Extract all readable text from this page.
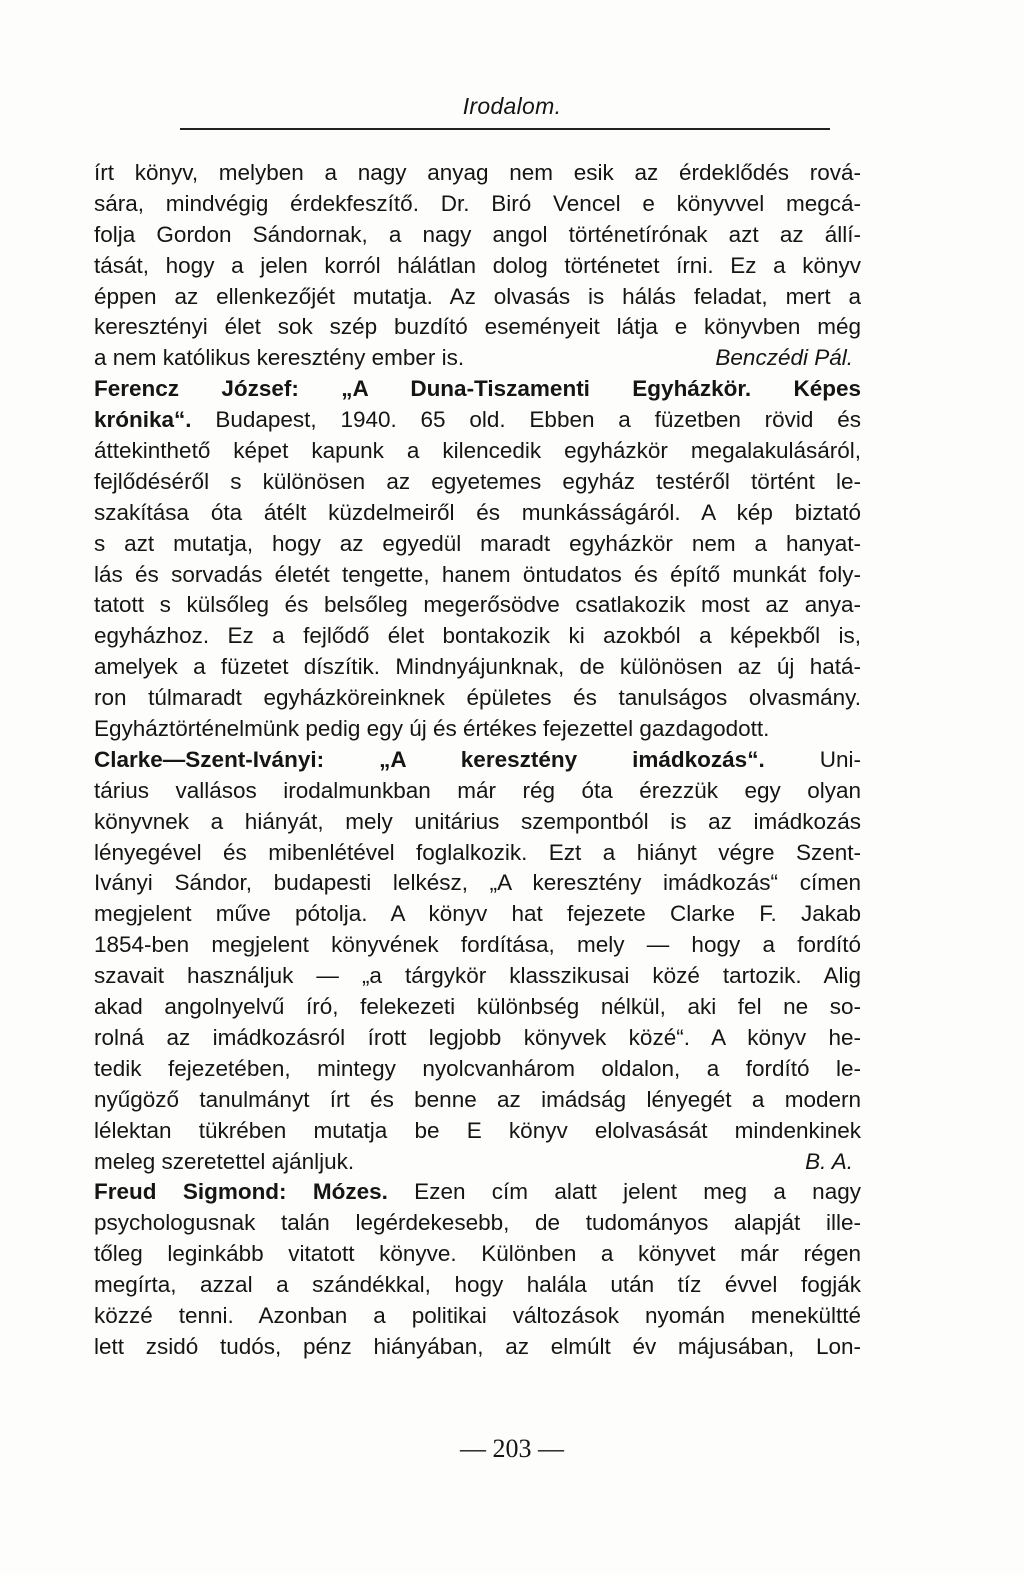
Irodalom.
írt könyv, melyben a nagy anyag nem esik az érdeklődés rová-
sára, mindvégig érdekfeszítő. Dr. Biró Vencel e könyvvel megcá-
folja Gordon Sándornak, a nagy angol történetírónak azt az állí-
tását, hogy a jelen korról hálátlan dolog történetet írni. Ez a könyv
éppen az ellenkezőjét mutatja. Az olvasás is hálás feladat, mert a
keresztényi élet sok szép buzdító eseményeit látja e könyvben még
a nem katólikus keresztény ember is.	Benczédi Pál.
Ferencz József: „A Duna-Tiszamenti Egyházkör. Képes
krónika“. Budapest, 1940. 65 old. Ebben a füzetben rövid és
áttekinthető képet kapunk a kilencedik egyházkör megalakulásáról,
fejlődéséről s különösen az egyetemes egyház testéről történt le-
szakítása óta átélt küzdelmeiről és munkásságáról. A kép biztató
s azt mutatja, hogy az egyedül maradt egyházkör nem a hanyat-
lás és sorvadás életét tengette, hanem öntudatos és építő munkát foly-
tatott s külsőleg és belsőleg megerősödve csatlakozik most az anya-
egyházhoz. Ez a fejlődő élet bontakozik ki azokból a képekből is,
amelyek a füzetet díszítik. Mindnyájunknak, de különösen az új hatá-
ron túlmaradt egyházköreinknek épületes és tanulságos olvasmány.
Egyháztörténelmünk pedig egy új és értékes fejezettel gazdagodott.
Clarke—Szent-Iványi: „A keresztény imádkozás“. Uni-
tárius vallásos irodalmunkban már rég óta érezzük egy olyan
könyvnek a hiányát, mely unitárius szempontból is az imádkozás
lényegével és mibenlétével foglalkozik. Ezt a hiányt végre Szent-
Iványi Sándor, budapesti lelkész, „A keresztény imádkozás“ címen
megjelent műve pótolja. A könyv hat fejezete Clarke F. Jakab
1854-ben megjelent könyvének fordítása, mely — hogy a fordító
szavait használjuk — „a tárgykör klasszikusai közé tartozik. Alig
akad angolnyelvű író, felekezeti különbség nélkül, aki fel ne so-
rolná az imádkozásról írott legjobb könyvek közé“. A könyv he-
tedik fejezetében, mintegy nyolcvanhárom oldalon, a fordító le-
nyűgöző tanulmányt írt és benne az imádság lényegét a modern
lélektan tükrében mutatja be E könyv elolvasását mindenkinek
meleg szeretettel ajánljuk.	B. A.
Freud Sigmond: Mózes. Ezen cím alatt jelent meg a nagy
psychologusnak talán legérdekesebb, de tudományos alapját ille-
tőleg leginkább vitatott könyve. Különben a könyvet már régen
megírta, azzal a szándékkal, hogy halála után tíz évvel fogják
közzé tenni. Azonban a politikai változások nyomán menekültté
lett zsidó tudós, pénz hiányában, az elmúlt év májusában, Lon-
— 203 —
